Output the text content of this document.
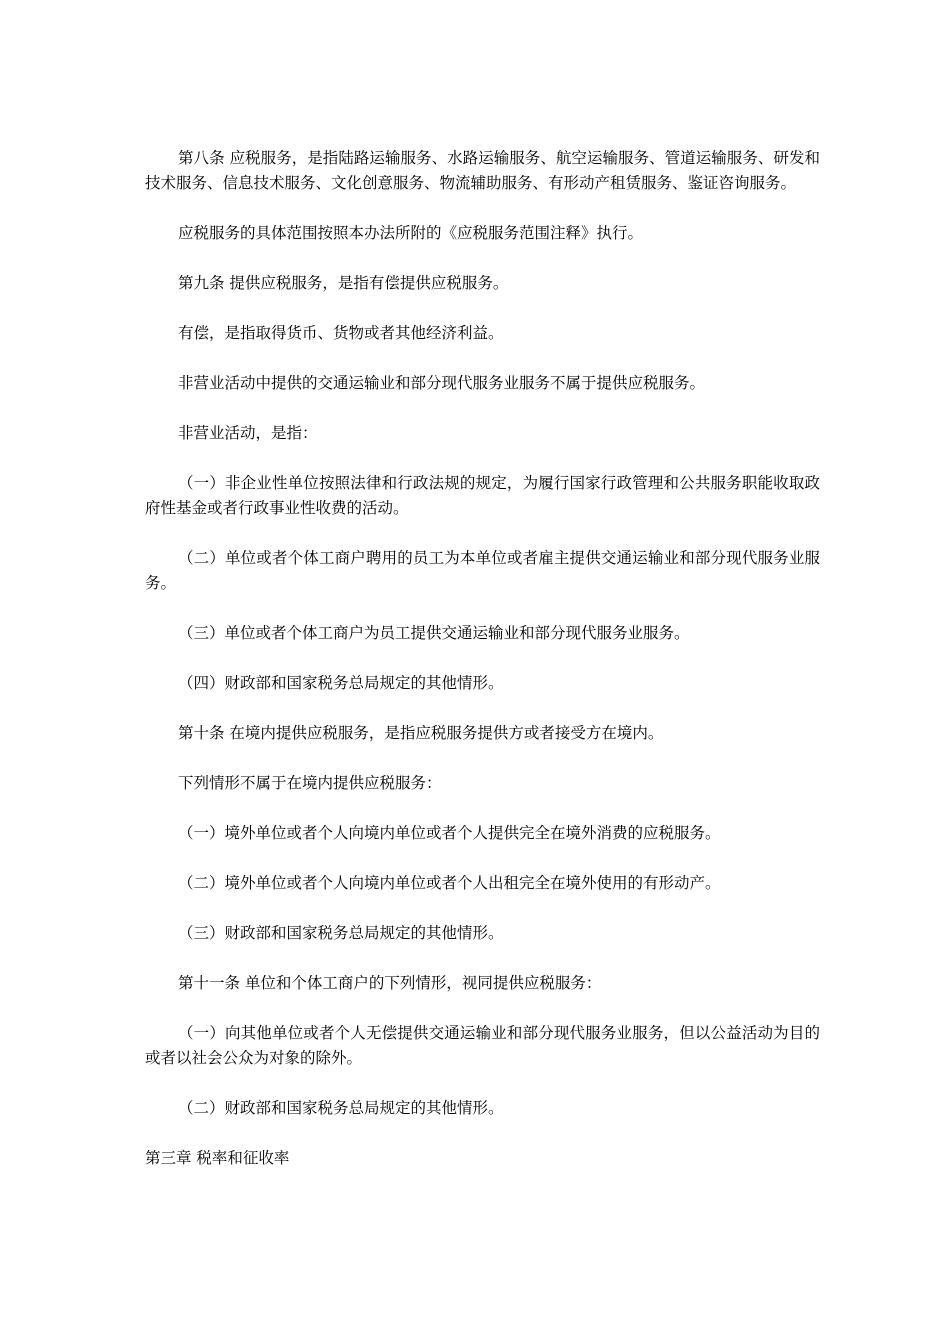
第八条 应税服务，是指陆路运输服务、水路运输服务、航空运输服务、管道运输服务、研发和技术服务、信息技术服务、文化创意服务、物流辅助服务、有形动产租赁服务、鉴证咨询服务。

应税服务的具体范围按照本办法所附的《应税服务范围注释》执行。

第九条 提供应税服务，是指有偿提供应税服务。

有偿，是指取得货币、货物或者其他经济利益。

非营业活动中提供的交通运输业和部分现代服务业服务不属于提供应税服务。

非营业活动，是指：

（一）非企业性单位按照法律和行政法规的规定，为履行国家行政管理和公共服务职能收取政府性基金或者行政事业性收费的活动。

（二）单位或者个体工商户聘用的员工为本单位或者雇主提供交通运输业和部分现代服务业服务。

（三）单位或者个体工商户为员工提供交通运输业和部分现代服务业服务。

（四）财政部和国家税务总局规定的其他情形。

第十条 在境内提供应税服务，是指应税服务提供方或者接受方在境内。

下列情形不属于在境内提供应税服务：

（一）境外单位或者个人向境内单位或者个人提供完全在境外消费的应税服务。

（二）境外单位或者个人向境内单位或者个人出租完全在境外使用的有形动产。

（三）财政部和国家税务总局规定的其他情形。

第十一条 单位和个体工商户的下列情形，视同提供应税服务：

（一）向其他单位或者个人无偿提供交通运输业和部分现代服务业服务，但以公益活动为目的或者以社会公众为对象的除外。

（二）财政部和国家税务总局规定的其他情形。

第三章 税率和征收率
